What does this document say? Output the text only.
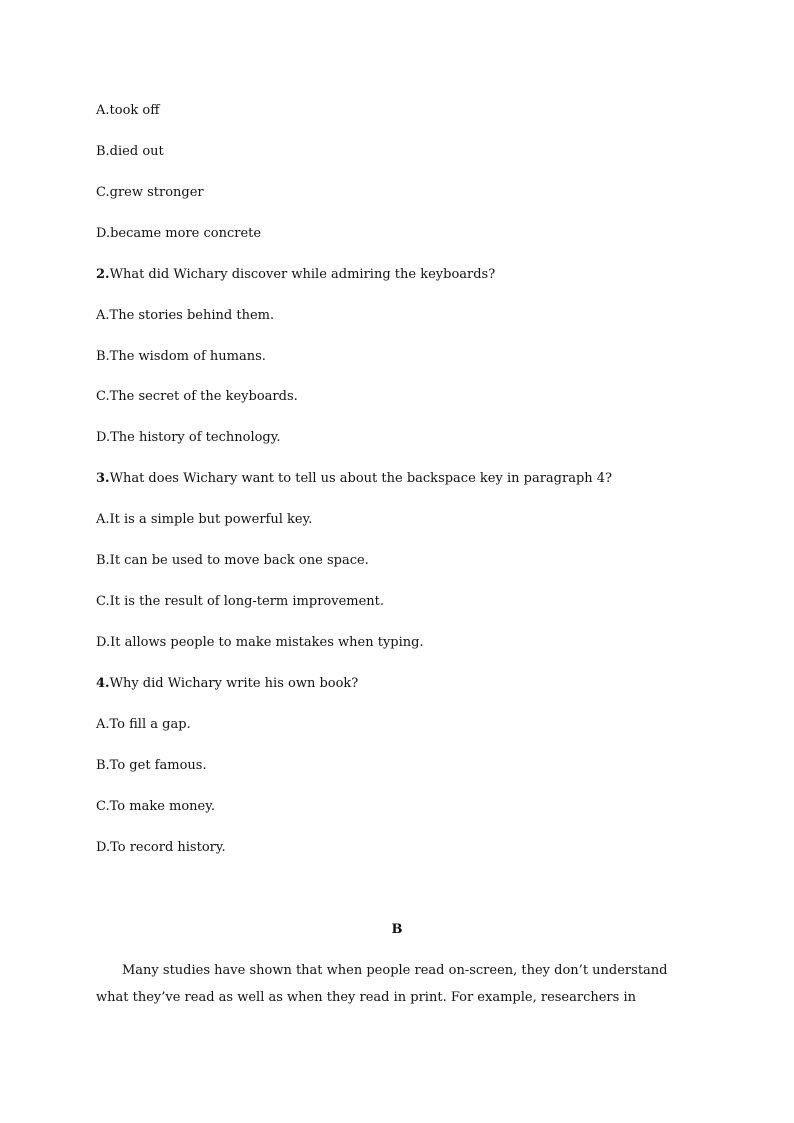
A.took off
B.died out
C.grew stronger
D.became more concrete
2.What did Wichary discover while admiring the keyboards?
A.The stories behind them.
B.The wisdom of humans.
C.The secret of the keyboards.
D.The history of technology.
3.What does Wichary want to tell us about the backspace key in paragraph 4?
A.It is a simple but powerful key.
B.It can be used to move back one space.
C.It is the result of long-term improvement.
D.It allows people to make mistakes when typing.
4.Why did Wichary write his own book?
A.To fill a gap.
B.To get famous.
C.To make money.
D.To record history.
B
Many studies have shown that when people read on-screen, they don’t understand
what they’ve read as well as when they read in print. For example, researchers in
